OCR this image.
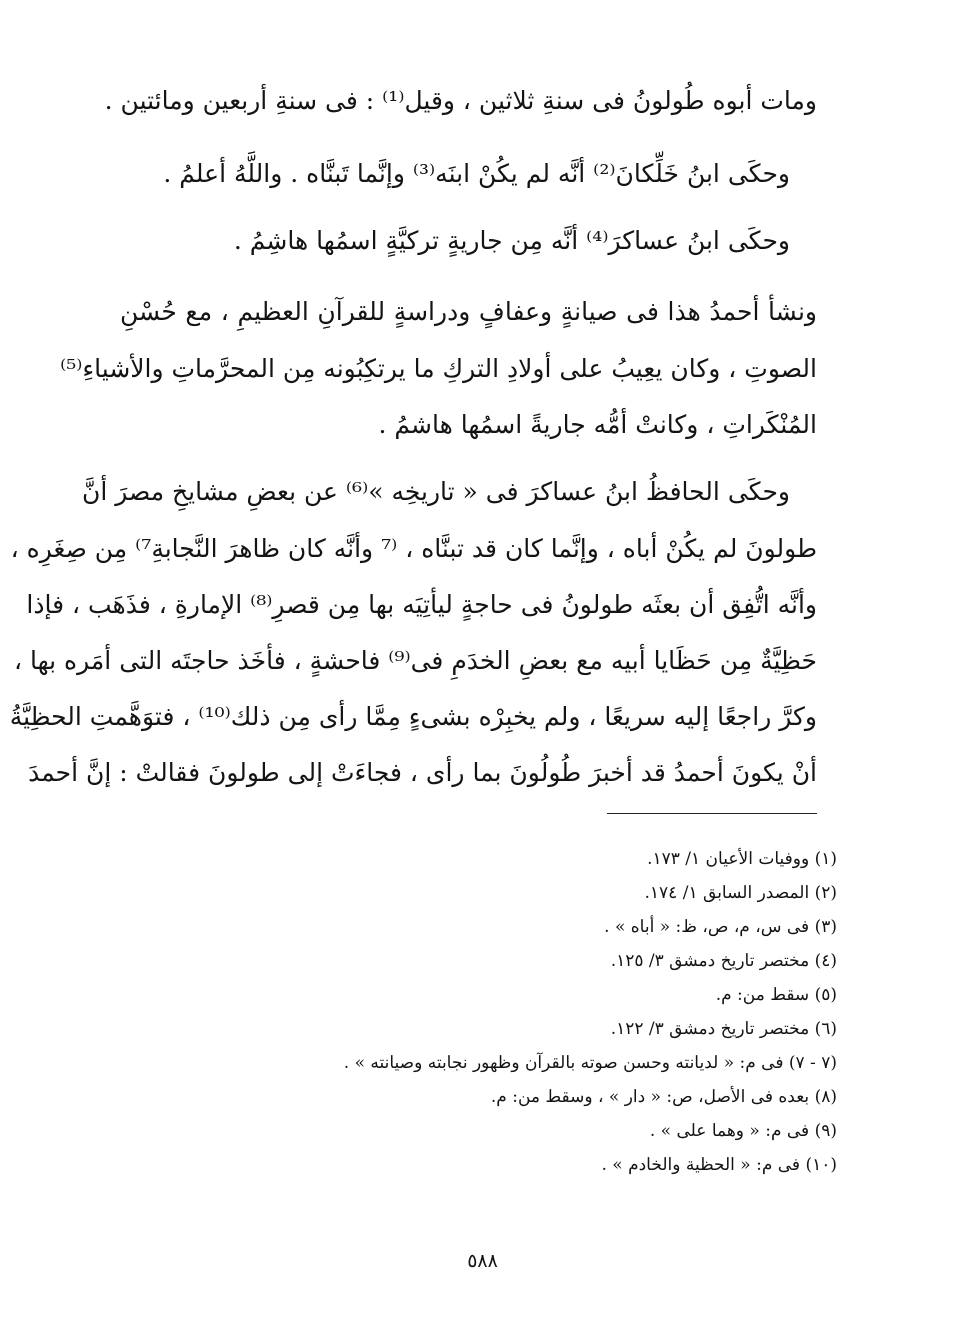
ومات أبوه طُولونُ فى سنةِ ثلاثين ، وقيل⁽¹⁾ : فى سنةِ أربعين ومائتين .
وحكَى ابنُ خَلِّكانَ⁽²⁾ أنَّه لم يكُنْ ابنَه⁽³⁾ وإنَّما تَبنَّاه . واللَّهُ أعلمُ .
وحكَى ابنُ عساكرَ⁽⁴⁾ أنَّه مِن جاريةٍ تركيَّةٍ اسمُها هاشِمُ .
ونشأ أحمدُ هذا فى صيانةٍ وعفافٍ ودراسةٍ للقرآنِ العظيمِ ، مع حُسْنِ
الصوتِ ، وكان يعِيبُ على أولادِ التركِ ما يرتكِبُونه مِن المحرَّماتِ والأشياءِ⁽⁵⁾
المُنْكَراتِ ، وكانتْ أمُّه جاريةً اسمُها هاشمُ .
وحكَى الحافظُ ابنُ عساكرَ فى « تاريخِه »⁽⁶⁾ عن بعضِ مشايخِ مصرَ أنَّ
طولونَ لم يكُنْ أباه ، وإنَّما كان قد تبنَّاه ، ⁽⁷ وأنَّه كان ظاهرَ النَّجابةِ⁷⁾ مِن صِغَرِه ،
وأنَّه اتُّفِق أن بعثَه طولونُ فى حاجةٍ ليأتِيَه بها مِن قصرِ⁽⁸⁾ الإمارةِ ، فذَهَب ، فإذا
حَظِيَّةٌ مِن حَظَايا أبيه مع بعضِ الخدَمِ فى⁽⁹⁾ فاحشةٍ ، فأخَذ حاجتَه التى أمَره بها ،
وكرَّ راجعًا إليه سريعًا ، ولم يخبِرْه بشىءٍ مِمَّا رأى مِن ذلك⁽¹⁰⁾ ، فتوَهَّمتِ الحظِيَّةُ
أنْ يكونَ أحمدُ قد أخبرَ طُولُونَ بما رأى ، فجاءَتْ إلى طولونَ فقالتْ : إنَّ أحمدَ
(١) ووفيات الأعيان ١/ ١٧٣.
(٢) المصدر السابق ١/ ١٧٤.
(٣) فى س، م، ص، ظ: « أباه » .
(٤) مختصر تاريخ دمشق ٣/ ١٢٥.
(٥) سقط من: م.
(٦) مختصر تاريخ دمشق ٣/ ١٢٢.
(٧ - ٧) فى م: « لديانته وحسن صوته بالقرآن وظهور نجابته وصيانته » .
(٨) بعده فى الأصل، ص: « دار » ، وسقط من: م.
(٩) فى م: « وهما على » .
(١٠) فى م: « الحظية والخادم » .
٥٨٨
